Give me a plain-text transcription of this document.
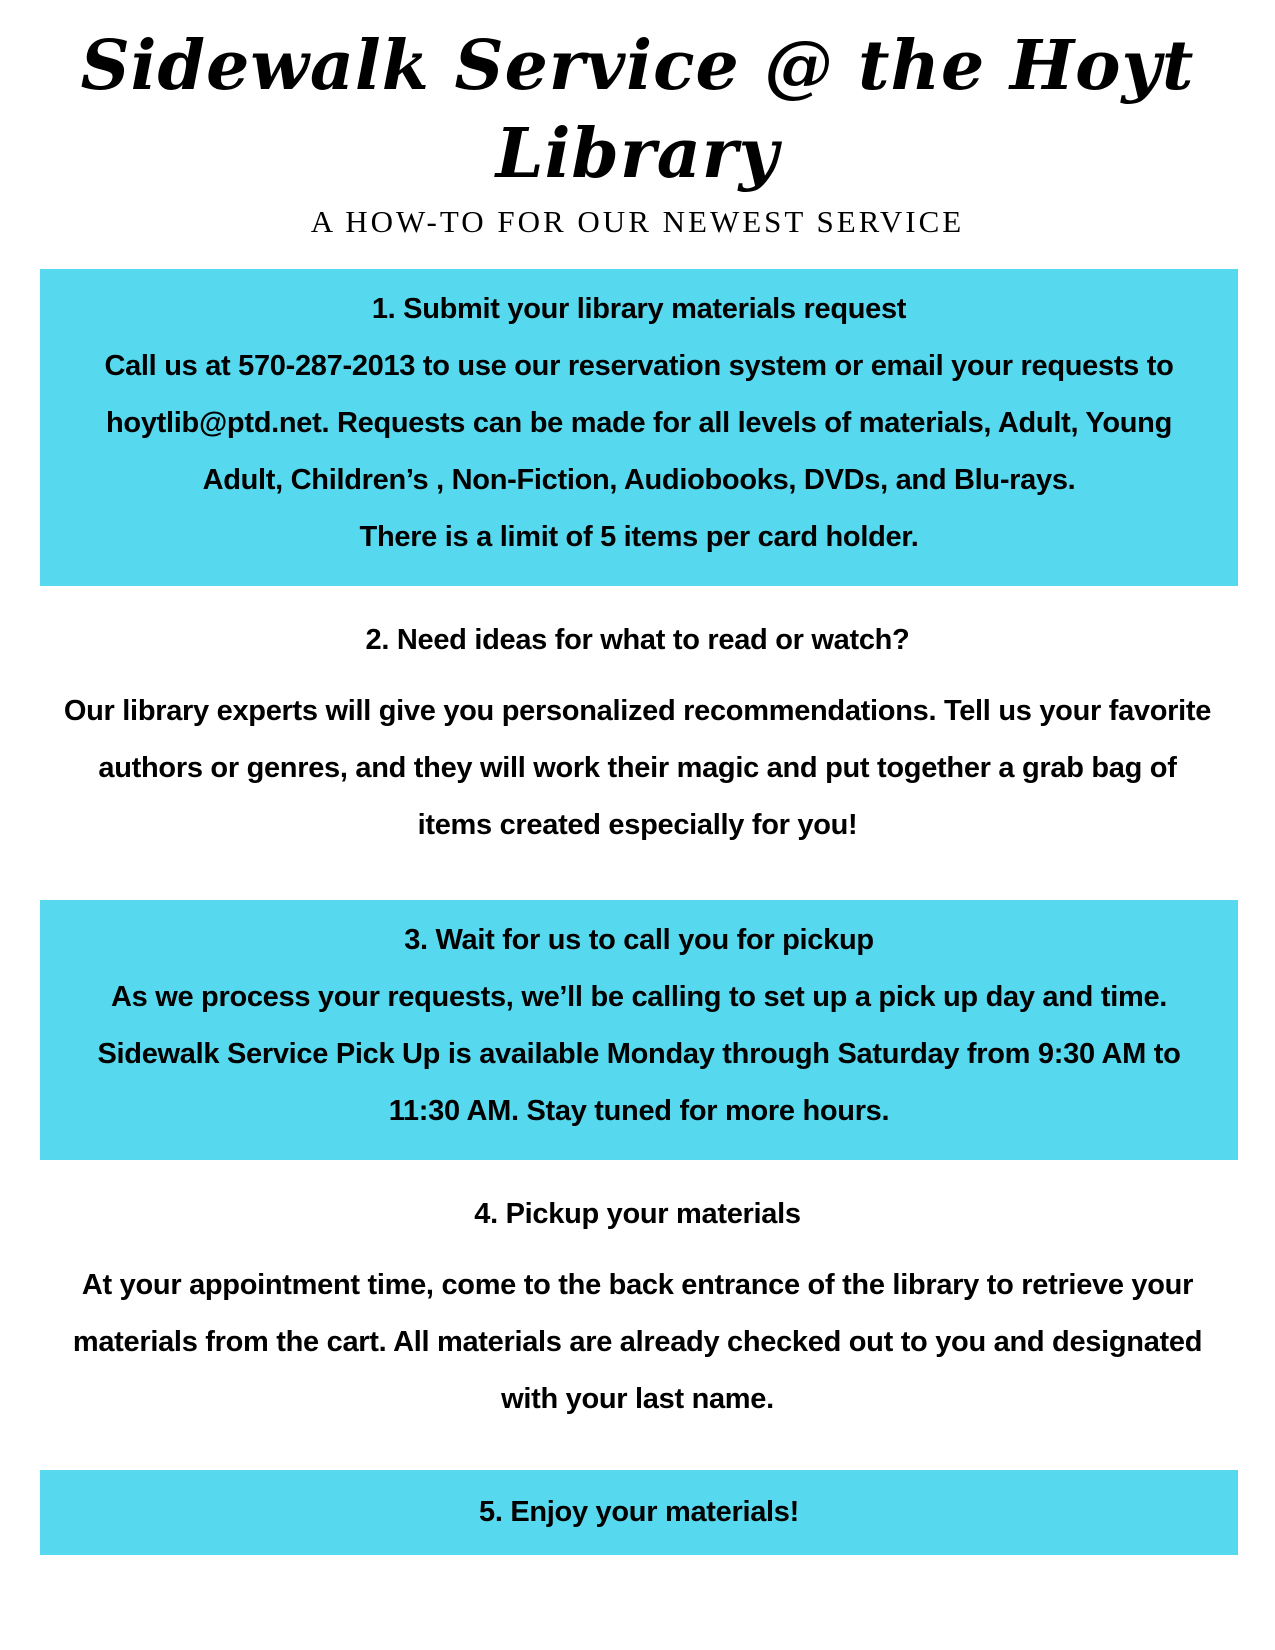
Sidewalk Service @ the Hoyt Library
A HOW-TO FOR OUR NEWEST SERVICE
1. Submit your library materials request

Call us at 570-287-2013 to use our reservation system or email your requests to hoytlib@ptd.net. Requests can be made for all levels of materials, Adult, Young Adult, Children’s , Non-Fiction, Audiobooks, DVDs, and Blu-rays.

There is a limit of 5 items per card holder.

2. Need ideas for what to read or watch?

Our library experts will give you personalized recommendations. Tell us your favorite authors or genres, and they will work their magic and put together a grab bag of items created especially for you!

3. Wait for us to call you for pickup

As we process your requests, we’ll be calling to set up a pick up day and time. Sidewalk Service Pick Up is available Monday through Saturday from 9:30 AM to 11:30 AM. Stay tuned for more hours.

4. Pickup your materials

At your appointment time, come to the back entrance of the library to retrieve your materials from the cart. All materials are already checked out to you and designated with your last name.

5. Enjoy your materials!
